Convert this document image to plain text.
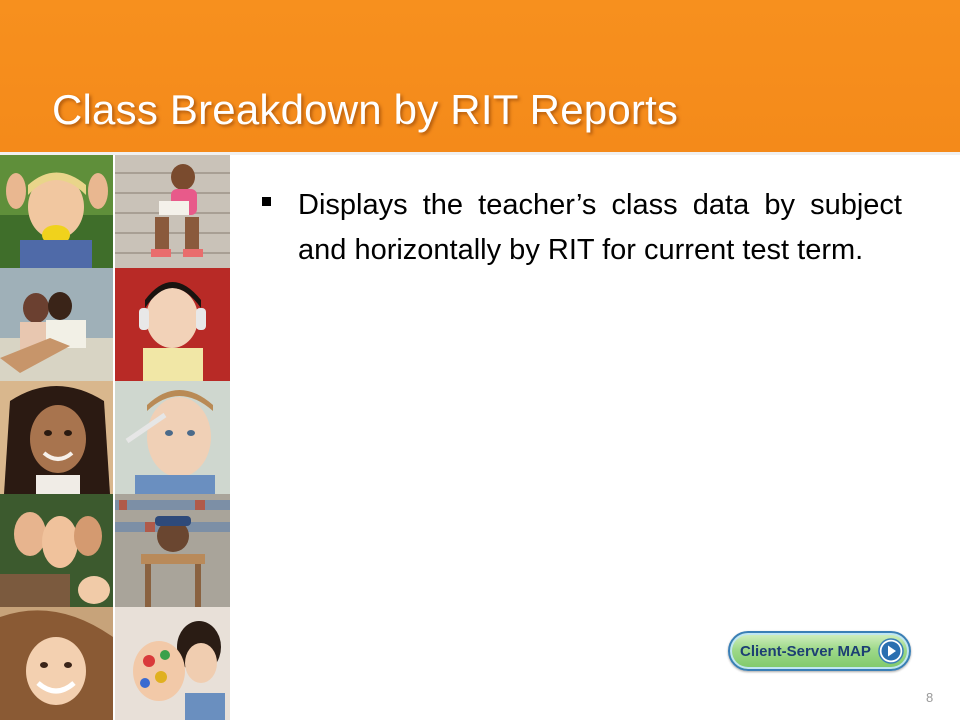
Class Breakdown by RIT Reports
Displays the teacher’s class data by subject and horizontally by RIT for current test term.
Client-Server MAP
8
